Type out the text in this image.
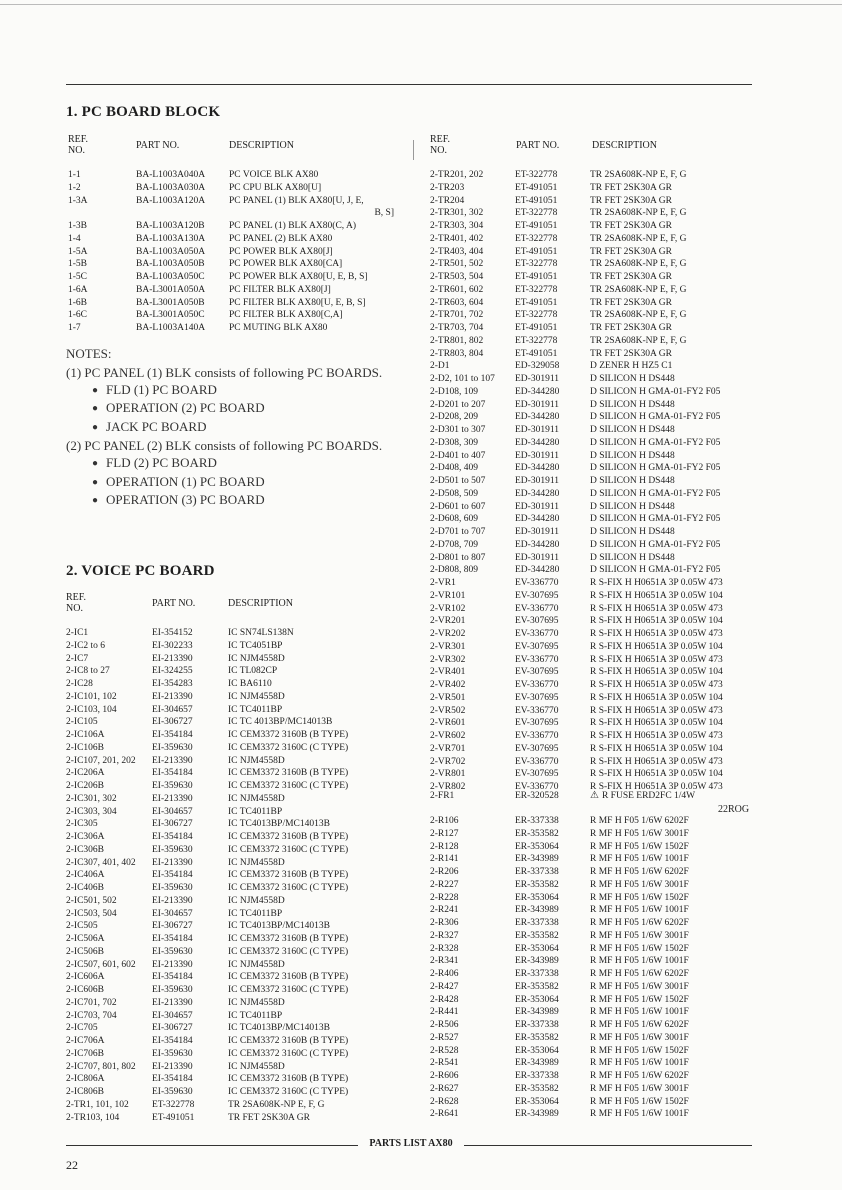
1. PC BOARD BLOCK
REF.
NO.	PART NO.	DESCRIPTION
1-1	BA-L1003A040A	PC VOICE BLK AX80
1-2	BA-L1003A030A	PC CPU BLK AX80[U]
1-3A	BA-L1003A120A	PC PANEL (1) BLK AX80[U, J, E,
B, S]
1-3B	BA-L1003A120B	PC PANEL (1) BLK AX80(C, A)
1-4	BA-L1003A130A	PC PANEL (2) BLK AX80
1-5A	BA-L1003A050A	PC POWER BLK AX80[J]
1-5B	BA-L1003A050B	PC POWER BLK AX80[CA]
1-5C	BA-L1003A050C	PC POWER BLK AX80[U, E, B, S]
1-6A	BA-L3001A050A	PC FILTER BLK AX80[J]
1-6B	BA-L3001A050B	PC FILTER BLK AX80[U, E, B, S]
1-6C	BA-L3001A050C	PC FILTER BLK AX80[C,A]
1-7	BA-L1003A140A	PC MUTING BLK AX80
NOTES:
(1) PC PANEL (1) BLK consists of following PC BOARDS.
● FLD (1) PC BOARD
● OPERATION (2) PC BOARD
● JACK PC BOARD
(2) PC PANEL (2) BLK consists of following PC BOARDS.
● FLD (2) PC BOARD
● OPERATION (1) PC BOARD
● OPERATION (3) PC BOARD
2. VOICE PC BOARD
REF.
NO.	PART NO.	DESCRIPTION
2-IC1	EI-354152	IC SN74LS138N
2-IC2 to 6	EI-302233	IC TC4051BP
2-IC7	EI-213390	IC NJM4558D
2-IC8 to 27	EI-324255	IC TL082CP
2-IC28	EI-354283	IC BA6110
2-IC101, 102	EI-213390	IC NJM4558D
2-IC103, 104	EI-304657	IC TC4011BP
2-IC105	EI-306727	IC TC 4013BP/MC14013B
2-IC106A	EI-354184	IC CEM3372 3160B (B TYPE)
2-IC106B	EI-359630	IC CEM3372 3160C (C TYPE)
2-IC107, 201, 202	EI-213390	IC NJM4558D
2-IC206A	EI-354184	IC CEM3372 3160B (B TYPE)
2-IC206B	EI-359630	IC CEM3372 3160C (C TYPE)
2-IC301, 302	EI-213390	IC NJM4558D
2-IC303, 304	EI-304657	IC TC4011BP
2-IC305	EI-306727	IC TC4013BP/MC14013B
2-IC306A	EI-354184	IC CEM3372 3160B (B TYPE)
2-IC306B	EI-359630	IC CEM3372 3160C (C TYPE)
2-IC307, 401, 402	EI-213390	IC NJM4558D
2-IC406A	EI-354184	IC CEM3372 3160B (B TYPE)
2-IC406B	EI-359630	IC CEM3372 3160C (C TYPE)
2-IC501, 502	EI-213390	IC NJM4558D
2-IC503, 504	EI-304657	IC TC4011BP
2-IC505	EI-306727	IC TC4013BP/MC14013B
2-IC506A	EI-354184	IC CEM3372 3160B (B TYPE)
2-IC506B	EI-359630	IC CEM3372 3160C (C TYPE)
2-IC507, 601, 602	EI-213390	IC NJM4558D
2-IC606A	EI-354184	IC CEM3372 3160B (B TYPE)
2-IC606B	EI-359630	IC CEM3372 3160C (C TYPE)
2-IC701, 702	EI-213390	IC NJM4558D
2-IC703, 704	EI-304657	IC TC4011BP
2-IC705	EI-306727	IC TC4013BP/MC14013B
2-IC706A	EI-354184	IC CEM3372 3160B (B TYPE)
2-IC706B	EI-359630	IC CEM3372 3160C (C TYPE)
2-IC707, 801, 802	EI-213390	IC NJM4558D
2-IC806A	EI-354184	IC CEM3372 3160B (B TYPE)
2-IC806B	EI-359630	IC CEM3372 3160C (C TYPE)
2-TR1, 101, 102	ET-322778	TR 2SA608K-NP E, F, G
2-TR103, 104	ET-491051	TR FET 2SK30A GR
REF.
NO.	PART NO.	DESCRIPTION
2-TR201, 202	ET-322778	TR 2SA608K-NP E, F, G
2-TR203	ET-491051	TR FET 2SK30A GR
2-TR204	ET-491051	TR FET 2SK30A GR
2-TR301, 302	ET-322778	TR 2SA608K-NP E, F, G
2-TR303, 304	ET-491051	TR FET 2SK30A GR
2-TR401, 402	ET-322778	TR 2SA608K-NP E, F, G
2-TR403, 404	ET-491051	TR FET 2SK30A GR
2-TR501, 502	ET-322778	TR 2SA608K-NP E, F, G
2-TR503, 504	ET-491051	TR FET 2SK30A GR
2-TR601, 602	ET-322778	TR 2SA608K-NP E, F, G
2-TR603, 604	ET-491051	TR FET 2SK30A GR
2-TR701, 702	ET-322778	TR 2SA608K-NP E, F, G
2-TR703, 704	ET-491051	TR FET 2SK30A GR
2-TR801, 802	ET-322778	TR 2SA608K-NP E, F, G
2-TR803, 804	ET-491051	TR FET 2SK30A GR
2-D1	ED-329058	D ZENER H HZ5 C1
2-D2, 101 to 107	ED-301911	D SILICON H DS448
2-D108, 109	ED-344280	D SILICON H GMA-01-FY2 F05
2-D201 to 207	ED-301911	D SILICON H DS448
2-D208, 209	ED-344280	D SILICON H GMA-01-FY2 F05
2-D301 to 307	ED-301911	D SILICON H DS448
2-D308, 309	ED-344280	D SILICON H GMA-01-FY2 F05
2-D401 to 407	ED-301911	D SILICON H DS448
2-D408, 409	ED-344280	D SILICON H GMA-01-FY2 F05
2-D501 to 507	ED-301911	D SILICON H DS448
2-D508, 509	ED-344280	D SILICON H GMA-01-FY2 F05
2-D601 to 607	ED-301911	D SILICON H DS448
2-D608, 609	ED-344280	D SILICON H GMA-01-FY2 F05
2-D701 to 707	ED-301911	D SILICON H DS448
2-D708, 709	ED-344280	D SILICON H GMA-01-FY2 F05
2-D801 to 807	ED-301911	D SILICON H DS448
2-D808, 809	ED-344280	D SILICON H GMA-01-FY2 F05
2-VR1	EV-336770	R S-FIX H H0651A 3P 0.05W 473
2-VR101	EV-307695	R S-FIX H H0651A 3P 0.05W 104
2-VR102	EV-336770	R S-FIX H H0651A 3P 0.05W 473
2-VR201	EV-307695	R S-FIX H H0651A 3P 0.05W 104
2-VR202	EV-336770	R S-FIX H H0651A 3P 0.05W 473
2-VR301	EV-307695	R S-FIX H H0651A 3P 0.05W 104
2-VR302	EV-336770	R S-FIX H H0651A 3P 0.05W 473
2-VR401	EV-307695	R S-FIX H H0651A 3P 0.05W 104
2-VR402	EV-336770	R S-FIX H H0651A 3P 0.05W 473
2-VR501	EV-307695	R S-FIX H H0651A 3P 0.05W 104
2-VR502	EV-336770	R S-FIX H H0651A 3P 0.05W 473
2-VR601	EV-307695	R S-FIX H H0651A 3P 0.05W 104
2-VR602	EV-336770	R S-FIX H H0651A 3P 0.05W 473
2-VR701	EV-307695	R S-FIX H H0651A 3P 0.05W 104
2-VR702	EV-336770	R S-FIX H H0651A 3P 0.05W 473
2-VR801	EV-307695	R S-FIX H H0651A 3P 0.05W 104
2-VR802	EV-336770	R S-FIX H H0651A 3P 0.05W 473
2-FR1	ER-320528	⚠ R FUSE ERD2FC 1/4W
22ROG
2-R106	ER-337338	R MF H F05 1/6W 6202F
2-R127	ER-353582	R MF H F05 1/6W 3001F
2-R128	ER-353064	R MF H F05 1/6W 1502F
2-R141	ER-343989	R MF H F05 1/6W 1001F
2-R206	ER-337338	R MF H F05 1/6W 6202F
2-R227	ER-353582	R MF H F05 1/6W 3001F
2-R228	ER-353064	R MF H F05 1/6W 1502F
2-R241	ER-343989	R MF H F05 1/6W 1001F
2-R306	ER-337338	R MF H F05 1/6W 6202F
2-R327	ER-353582	R MF H F05 1/6W 3001F
2-R328	ER-353064	R MF H F05 1/6W 1502F
2-R341	ER-343989	R MF H F05 1/6W 1001F
2-R406	ER-337338	R MF H F05 1/6W 6202F
2-R427	ER-353582	R MF H F05 1/6W 3001F
2-R428	ER-353064	R MF H F05 1/6W 1502F
2-R441	ER-343989	R MF H F05 1/6W 1001F
2-R506	ER-337338	R MF H F05 1/6W 6202F
2-R527	ER-353582	R MF H F05 1/6W 3001F
2-R528	ER-353064	R MF H F05 1/6W 1502F
2-R541	ER-343989	R MF H F05 1/6W 1001F
2-R606	ER-337338	R MF H F05 1/6W 6202F
2-R627	ER-353582	R MF H F05 1/6W 3001F
2-R628	ER-353064	R MF H F05 1/6W 1502F
2-R641	ER-343989	R MF H F05 1/6W 1001F
PARTS LIST AX80
22
